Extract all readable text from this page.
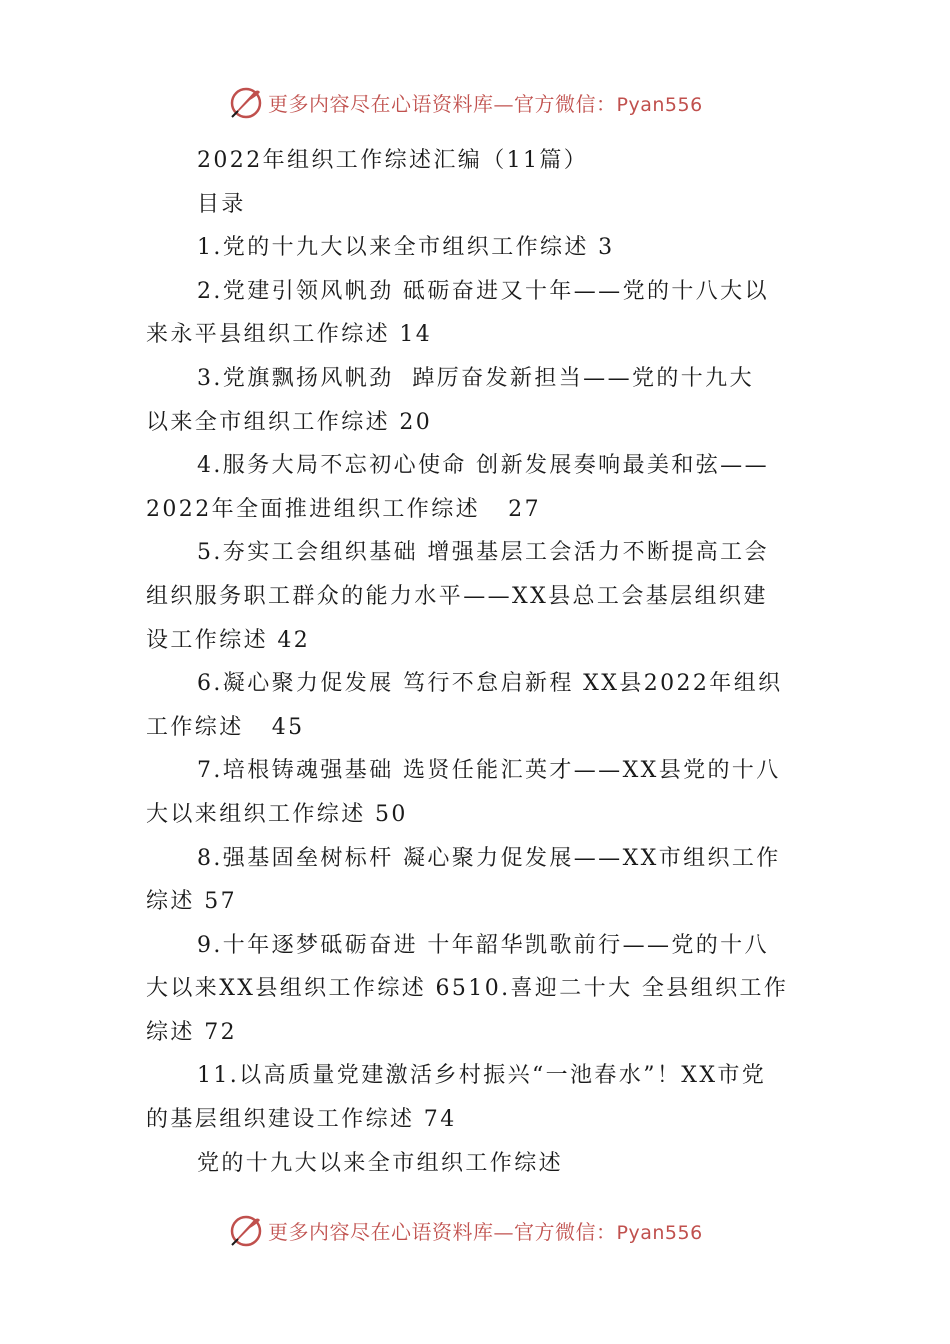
更多内容尽在心语资料库—官方微信：Pyan556
2022年组织工作综述汇编（11篇）
目录
1.党的十九大以来全市组织工作综述 3
2.党建引领风帆劲 砥砺奋进又十年——党的十八大以
来永平县组织工作综述 14
3.党旗飘扬风帆劲  踔厉奋发新担当——党的十九大
以来全市组织工作综述 20
4.服务大局不忘初心使命 创新发展奏响最美和弦——
2022年全面推进组织工作综述   27
5.夯实工会组织基础 增强基层工会活力不断提高工会
组织服务职工群众的能力水平——XX县总工会基层组织建
设工作综述 42
6.凝心聚力促发展 笃行不怠启新程 XX县2022年组织
工作综述   45
7.培根铸魂强基础 选贤任能汇英才——XX县党的十八
大以来组织工作综述 50
8.强基固垒树标杆 凝心聚力促发展——XX市组织工作
综述 57
9.十年逐梦砥砺奋进 十年韶华凯歌前行——党的十八
大以来XX县组织工作综述 6510.喜迎二十大 全县组织工作
综述 72
11.以高质量党建激活乡村振兴“一池春水”！XX市党
的基层组织建设工作综述 74
党的十九大以来全市组织工作综述
更多内容尽在心语资料库—官方微信：Pyan556
